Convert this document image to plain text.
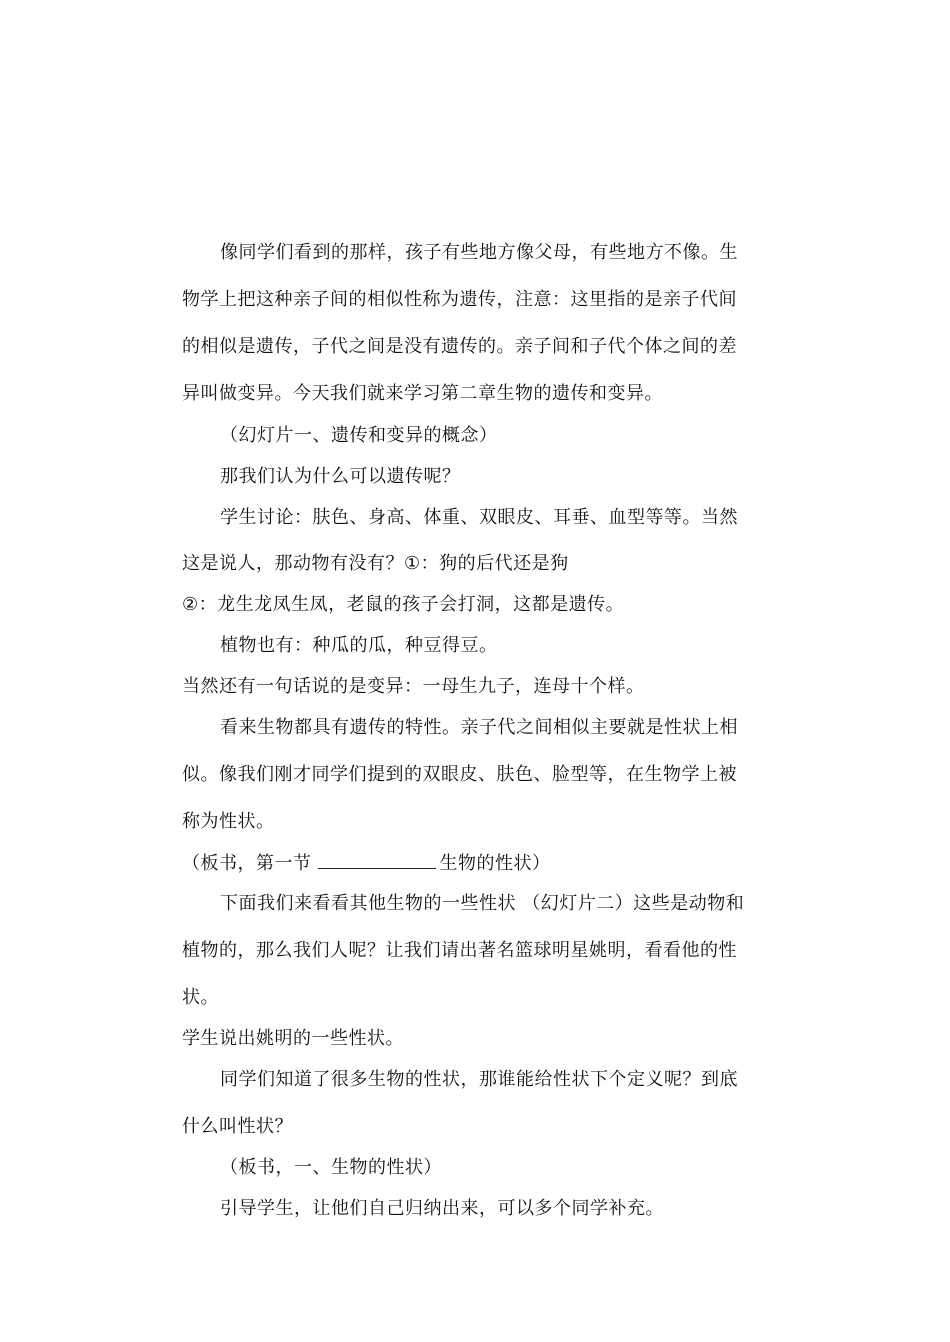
像同学们看到的那样，孩子有些地方像父母，有些地方不像。生
物学上把这种亲子间的相似性称为遗传，注意：这里指的是亲子代间
的相似是遗传，子代之间是没有遗传的。亲子间和子代个体之间的差
异叫做变异。今天我们就来学习第二章生物的遗传和变异。
（幻灯片一、遗传和变异的概念）
那我们认为什么可以遗传呢？
学生讨论：肤色、身高、体重、双眼皮、耳垂、血型等等。当然
这是说人，那动物有没有？①：狗的后代还是狗
②：龙生龙凤生凤，老鼠的孩子会打洞，这都是遗传。
植物也有：种瓜的瓜，种豆得豆。
当然还有一句话说的是变异：一母生九子，连母十个样。
看来生物都具有遗传的特性。亲子代之间相似主要就是性状上相
似。像我们刚才同学们提到的双眼皮、肤色、脸型等，在生物学上被
称为性状。
（板书，第一节	生物的性状）
下面我们来看看其他生物的一些性状 （幻灯片二）这些是动物和
植物的，那么我们人呢？让我们请出著名篮球明星姚明，看看他的性
状。
学生说出姚明的一些性状。
同学们知道了很多生物的性状，那谁能给性状下个定义呢？到底
什么叫性状？
（板书，一、生物的性状）
引导学生，让他们自己归纳出来，可以多个同学补充。
